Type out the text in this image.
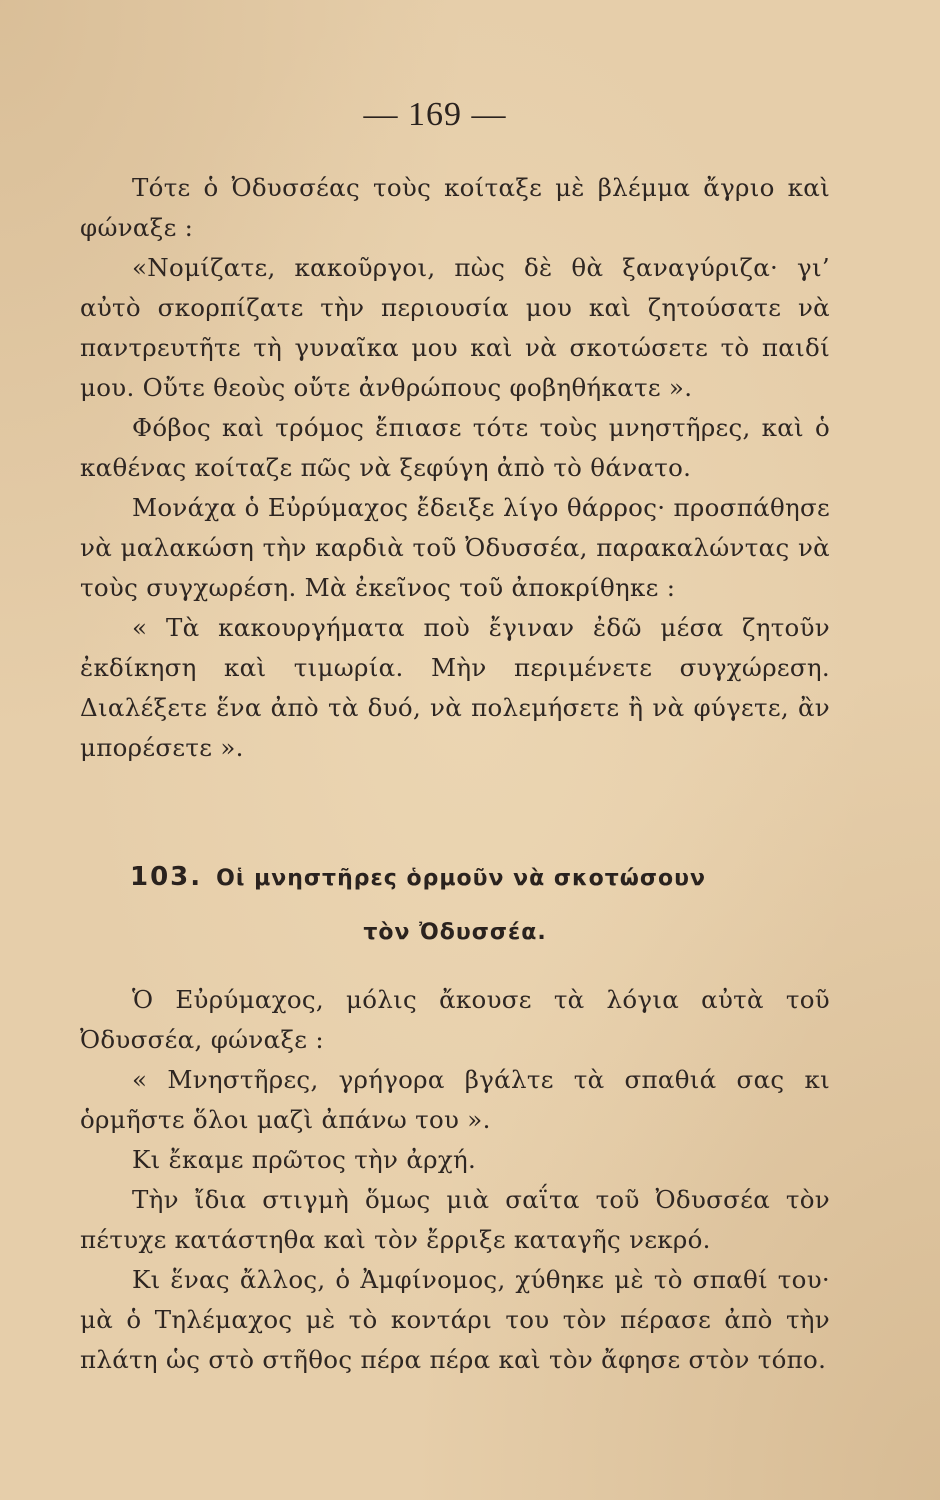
— 169 —

Τότε ὁ Ὀδυσσέας τοὺς κοίταξε μὲ βλέμμα ἄγριο καὶ φώναξε :

«Νομίζατε, κακοῦργοι, πὼς δὲ θὰ ξαναγύριζα· γι’ αὐτὸ σκορπίζατε τὴν περιουσία μου καὶ ζητούσατε νὰ παντρευτῆτε τὴ γυναῖκα μου καὶ νὰ σκοτώσετε τὸ παιδί μου. Οὔτε θεοὺς οὔτε ἀνθρώπους φοβηθήκατε ».

Φόβος καὶ τρόμος ἔπιασε τότε τοὺς μνηστῆρες, καὶ ὁ καθένας κοίταζε πῶς νὰ ξεφύγη ἀπὸ τὸ θάνατο.

Μονάχα ὁ Εὐρύμαχος ἔδειξε λίγο θάρρος· προσπάθησε νὰ μαλακώση τὴν καρδιὰ τοῦ Ὀδυσσέα, παρακαλώντας νὰ τοὺς συγχωρέση. Μὰ ἐκεῖνος τοῦ ἀποκρίθηκε :

« Τὰ κακουργήματα ποὺ ἔγιναν ἐδῶ μέσα ζητοῦν ἐκδίκηση καὶ τιμωρία. Μὴν περιμένετε συγχώρεση. Διαλέξετε ἕνα ἀπὸ τὰ δυό, νὰ πολεμήσετε ἢ νὰ φύγετε, ἂν μπορέσετε ».

103. Οἱ μνηστῆρες ὁρμοῦν νὰ σκοτώσουν
τὸν Ὀδυσσέα.

Ὁ Εὐρύμαχος, μόλις ἄκουσε τὰ λόγια αὐτὰ τοῦ Ὀδυσσέα, φώναξε :

« Μνηστῆρες, γρήγορα βγάλτε τὰ σπαθιά σας κι ὁρμῆστε ὅλοι μαζὶ ἀπάνω του ».

Κι ἔκαμε πρῶτος τὴν ἀρχή.

Τὴν ἴδια στιγμὴ ὅμως μιὰ σαΐτα τοῦ Ὀδυσσέα τὸν πέτυχε κατάστηθα καὶ τὸν ἔρριξε καταγῆς νεκρό.

Κι ἕνας ἄλλος, ὁ Ἀμφίνομος, χύθηκε μὲ τὸ σπαθί του· μὰ ὁ Τηλέμαχος μὲ τὸ κοντάρι του τὸν πέρασε ἀπὸ τὴν πλάτη ὡς στὸ στῆθος πέρα πέρα καὶ τὸν ἄφησε στὸν τόπο.
